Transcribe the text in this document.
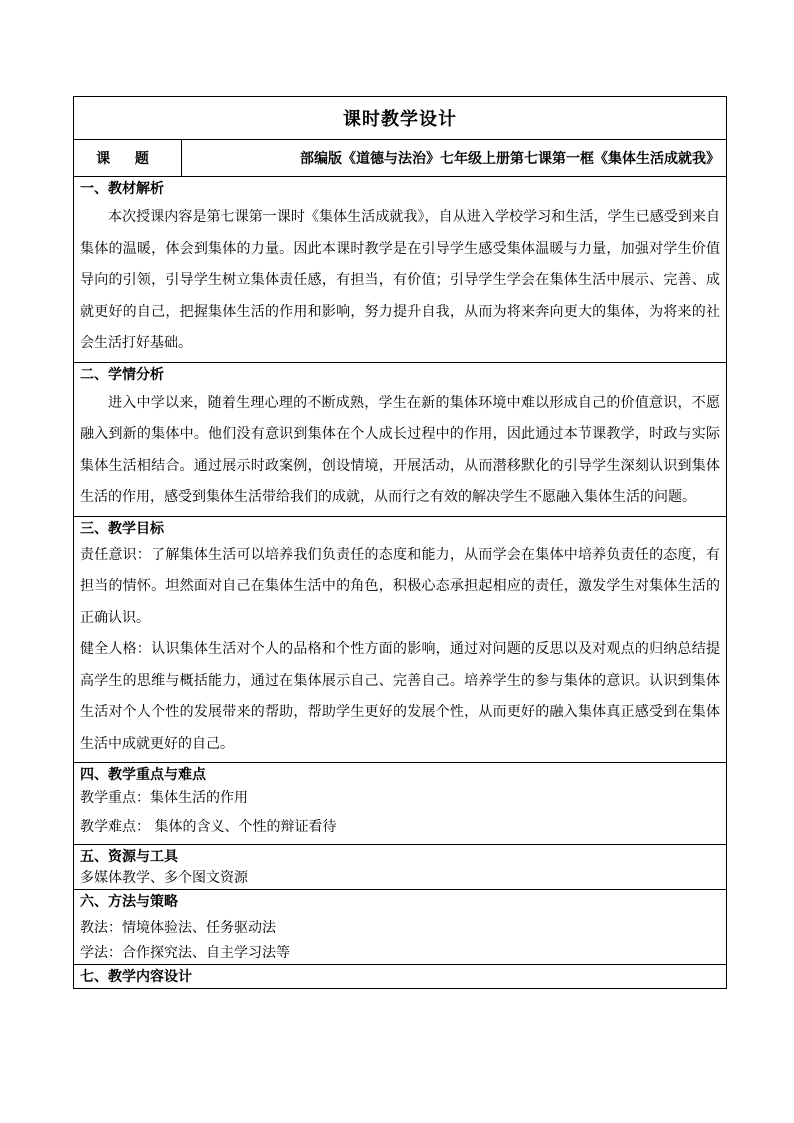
课时教学设计
课 题	部编版《道德与法治》七年级上册第七课第一框《集体生活成就我》

一、教材解析

本次授课内容是第七课第一课时《集体生活成就我》，自从进入学校学习和生活，学生已感受到来自集体的温暖，体会到集体的力量。因此本课时教学是在引导学生感受集体温暖与力量，加强对学生价值导向的引领，引导学生树立集体责任感，有担当，有价值；引导学生学会在集体生活中展示、完善、成就更好的自己，把握集体生活的作用和影响，努力提升自我，从而为将来奔向更大的集体，为将来的社会生活打好基础。

二、学情分析

进入中学以来，随着生理心理的不断成熟，学生在新的集体环境中难以形成自己的价值意识，不愿融入到新的集体中。他们没有意识到集体在个人成长过程中的作用，因此通过本节课教学，时政与实际集体生活相结合。通过展示时政案例，创设情境，开展活动，从而潜移默化的引导学生深刻认识到集体生活的作用，感受到集体生活带给我们的成就，从而行之有效的解决学生不愿融入集体生活的问题。

三、教学目标

责任意识：了解集体生活可以培养我们负责任的态度和能力，从而学会在集体中培养负责任的态度，有担当的情怀。坦然面对自己在集体生活中的角色，积极心态承担起相应的责任，激发学生对集体生活的正确认识。

健全人格：认识集体生活对个人的品格和个性方面的影响，通过对问题的反思以及对观点的归纳总结提高学生的思维与概括能力，通过在集体展示自己、完善自己。培养学生的参与集体的意识。认识到集体生活对个人个性的发展带来的帮助，帮助学生更好的发展个性，从而更好的融入集体真正感受到在集体生活中成就更好的自己。

四、教学重点与难点

教学重点：集体生活的作用

教学难点： 集体的含义、个性的辩证看待

五、资源与工具

多媒体教学、多个图文资源

六、方法与策略

教法：情境体验法、任务驱动法

学法：合作探究法、自主学习法等

七、教学内容设计
